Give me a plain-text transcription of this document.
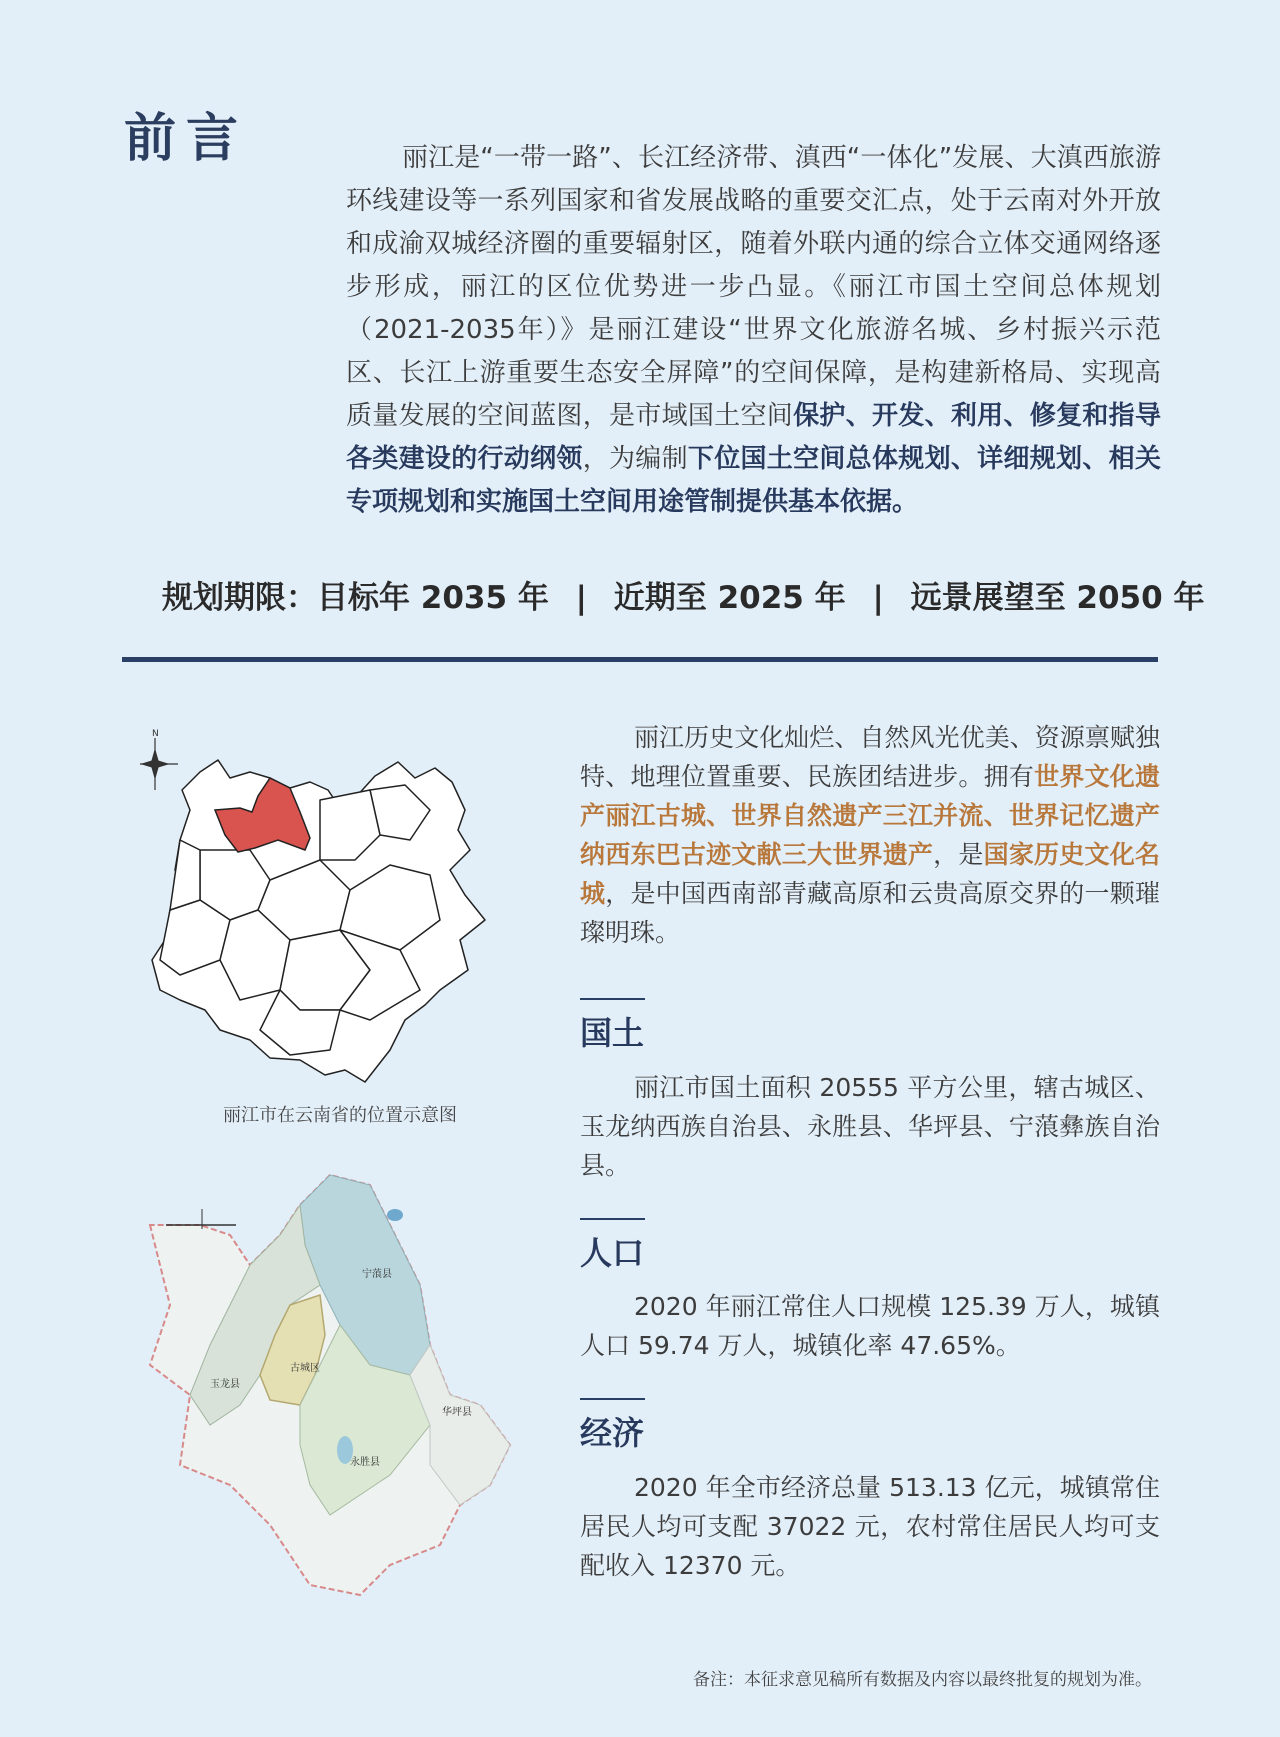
前言	丽江是“一带一路”、长江经济带、滇西“一体化”发展、大滇西旅游环线建设等一系列国家和省发展战略的重要交汇点，处于云南对外开放和成渝双城经济圈的重要辐射区，随着外联内通的综合立体交通网络逐步形成，丽江的区位优势进一步凸显。《丽江市国土空间总体规划（2021-2035年）》是丽江建设“世界文化旅游名城、乡村振兴示范区、长江上游重要生态安全屏障”的空间保障，是构建新格局、实现高质量发展的空间蓝图，是市域国土空间保护、开发、利用、修复和指导各类建设的行动纲领，为编制下位国土空间总体规划、详细规划、相关专项规划和实施国土空间用途管制提供基本依据。

规划期限：目标年 2035 年 | 近期至 2025 年 | 远景展望至 2050 年
N
丽江市在云南省的位置示意图
宁蒗县
玉龙县
古城区
华坪县
永胜县

丽江历史文化灿烂、自然风光优美、资源禀赋独特、地理位置重要、民族团结进步。拥有世界文化遗产丽江古城、世界自然遗产三江并流、世界记忆遗产纳西东巴古迹文献三大世界遗产，是国家历史文化名城，是中国西南部青藏高原和云贵高原交界的一颗璀璨明珠。

国土

丽江市国土面积 20555 平方公里，辖古城区、玉龙纳西族自治县、永胜县、华坪县、宁蒗彝族自治县。

人口

2020 年丽江常住人口规模 125.39 万人，城镇人口 59.74 万人，城镇化率 47.65%。

经济

2020 年全市经济总量 513.13 亿元，城镇常住居民人均可支配 37022 元，农村常住居民人均可支配收入 12370 元。

备注：本征求意见稿所有数据及内容以最终批复的规划为准。
